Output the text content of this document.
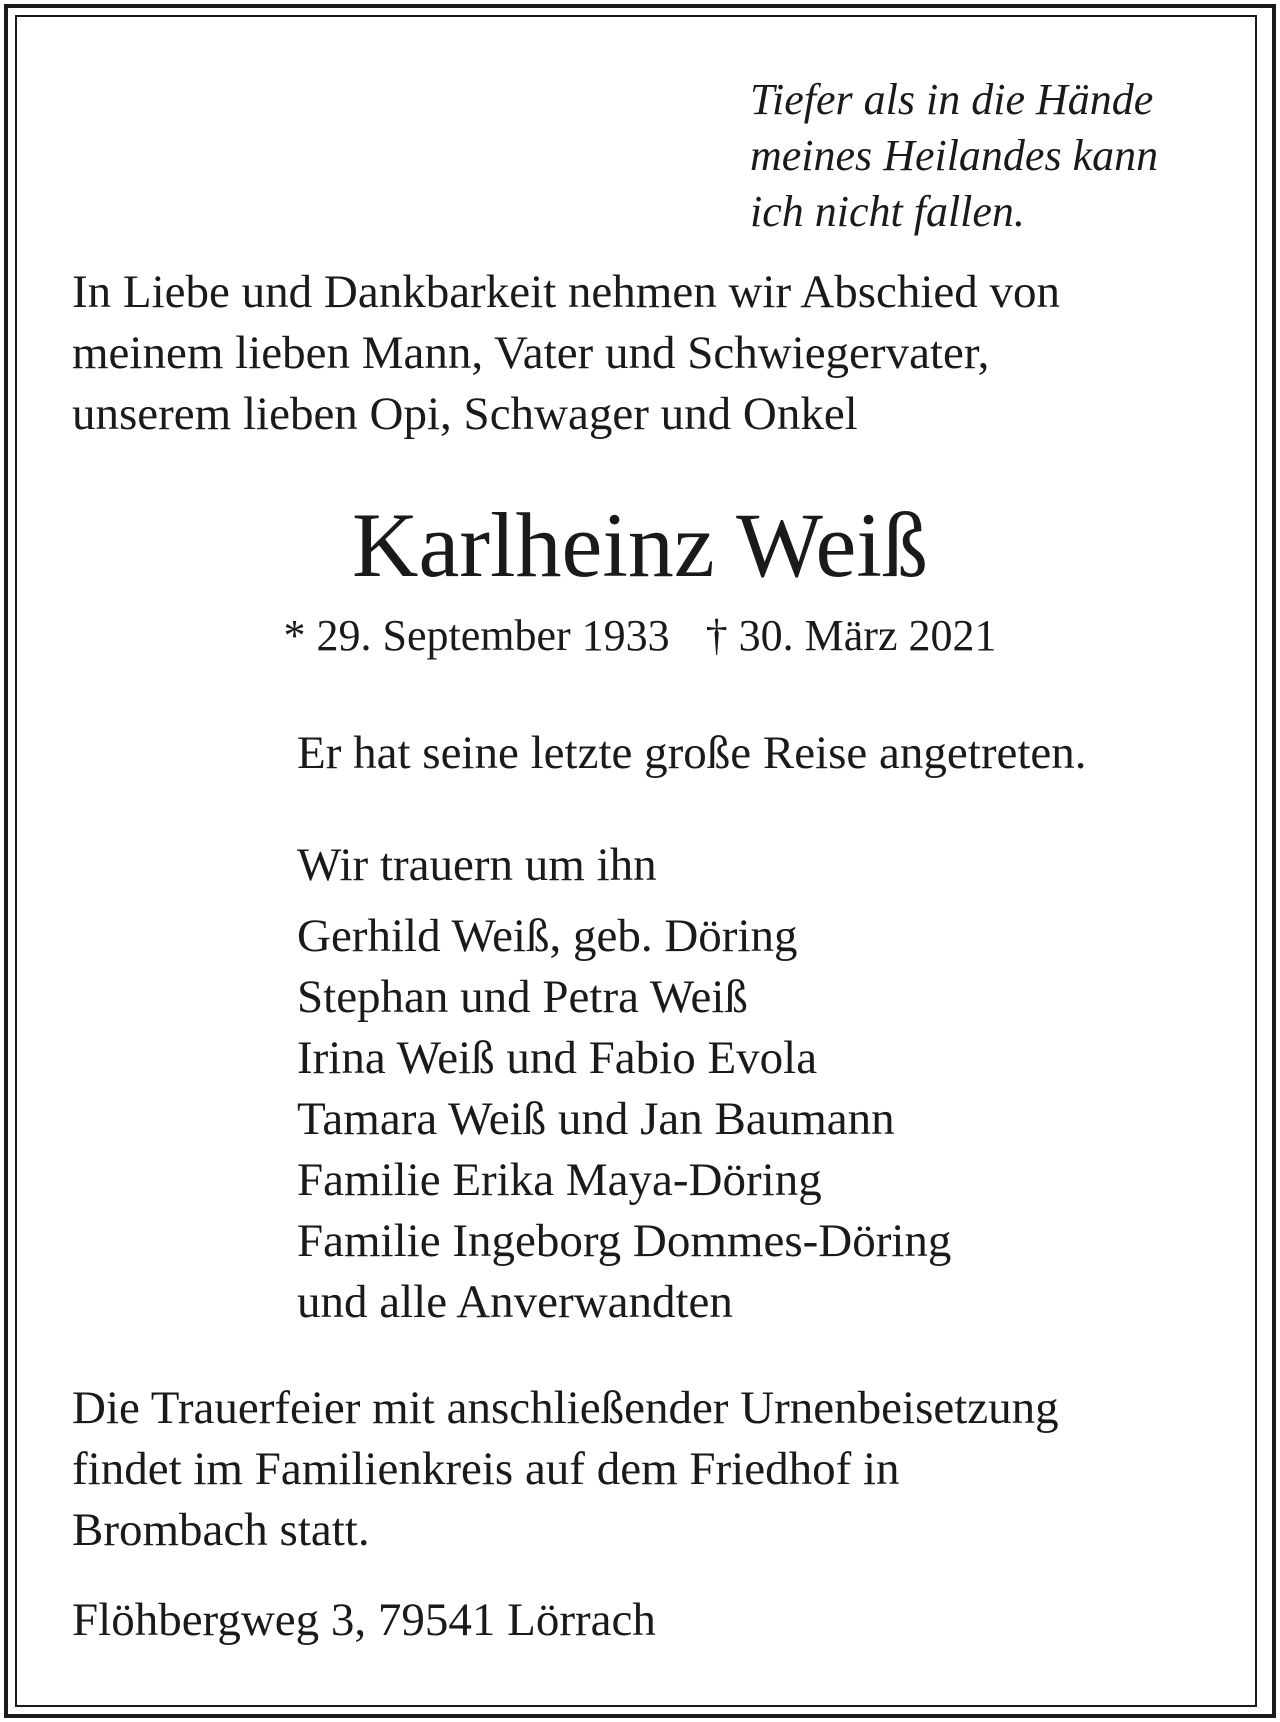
Tiefer als in die Hände
meines Heilandes kann
ich nicht fallen.
In Liebe und Dankbarkeit nehmen wir Abschied von
meinem lieben Mann, Vater und Schwiegervater,
unserem lieben Opi, Schwager und Onkel
Karlheinz Weiß
* 29. September 1933 † 30. März 2021
Er hat seine letzte große Reise angetreten.
Wir trauern um ihn
Gerhild Weiß, geb. Döring
Stephan und Petra Weiß
Irina Weiß und Fabio Evola
Tamara Weiß und Jan Baumann
Familie Erika Maya-Döring
Familie Ingeborg Dommes-Döring
und alle Anverwandten
Die Trauerfeier mit anschließender Urnenbeisetzung
findet im Familienkreis auf dem Friedhof in
Brombach statt.
Flöhbergweg 3, 79541 Lörrach
